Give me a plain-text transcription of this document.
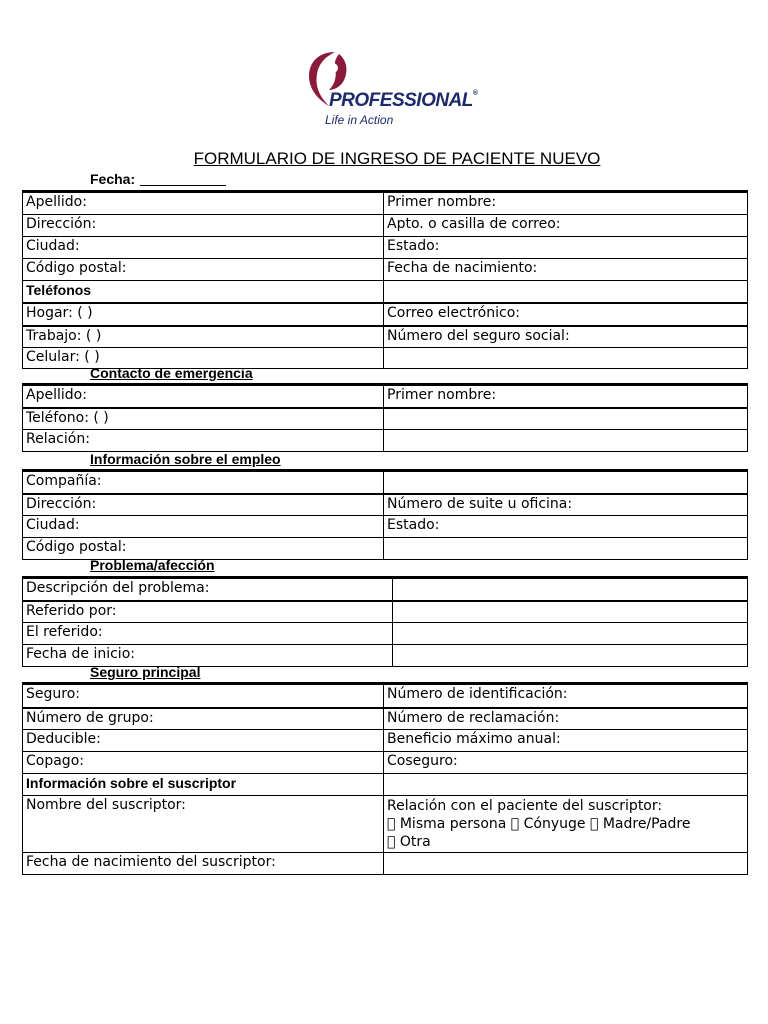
PROFESSIONAL®
Life in Action
FORMULARIO DE INGRESO DE PACIENTE NUEVO
Fecha:
Apellido:	Primer nombre:
Dirección:	Apto. o casilla de correo:
Ciudad:	Estado:
Código postal:	Fecha de nacimiento:
Teléfonos
Hogar: ( )	Correo electrónico:
Trabajo: ( )	Número del seguro social:
Celular: ( )
Contacto de emergencia
Apellido:	Primer nombre:
Teléfono: ( )
Relación:
Información sobre el empleo
Compañía:
Dirección:	Número de suite u oficina:
Ciudad:	Estado:
Código postal:
Problema/afección
Descripción del problema:
Referido por:
El referido:
Fecha de inicio:
Seguro principal
Seguro:	Número de identificación:
Número de grupo:	Número de reclamación:
Deducible:	Beneficio máximo anual:
Copago:	Coseguro:
Información sobre el suscriptor
Nombre del suscriptor:	Relación con el paciente del suscriptor:
Misma persona Cónyuge Madre/Padre
Otra
Fecha de nacimiento del suscriptor:
